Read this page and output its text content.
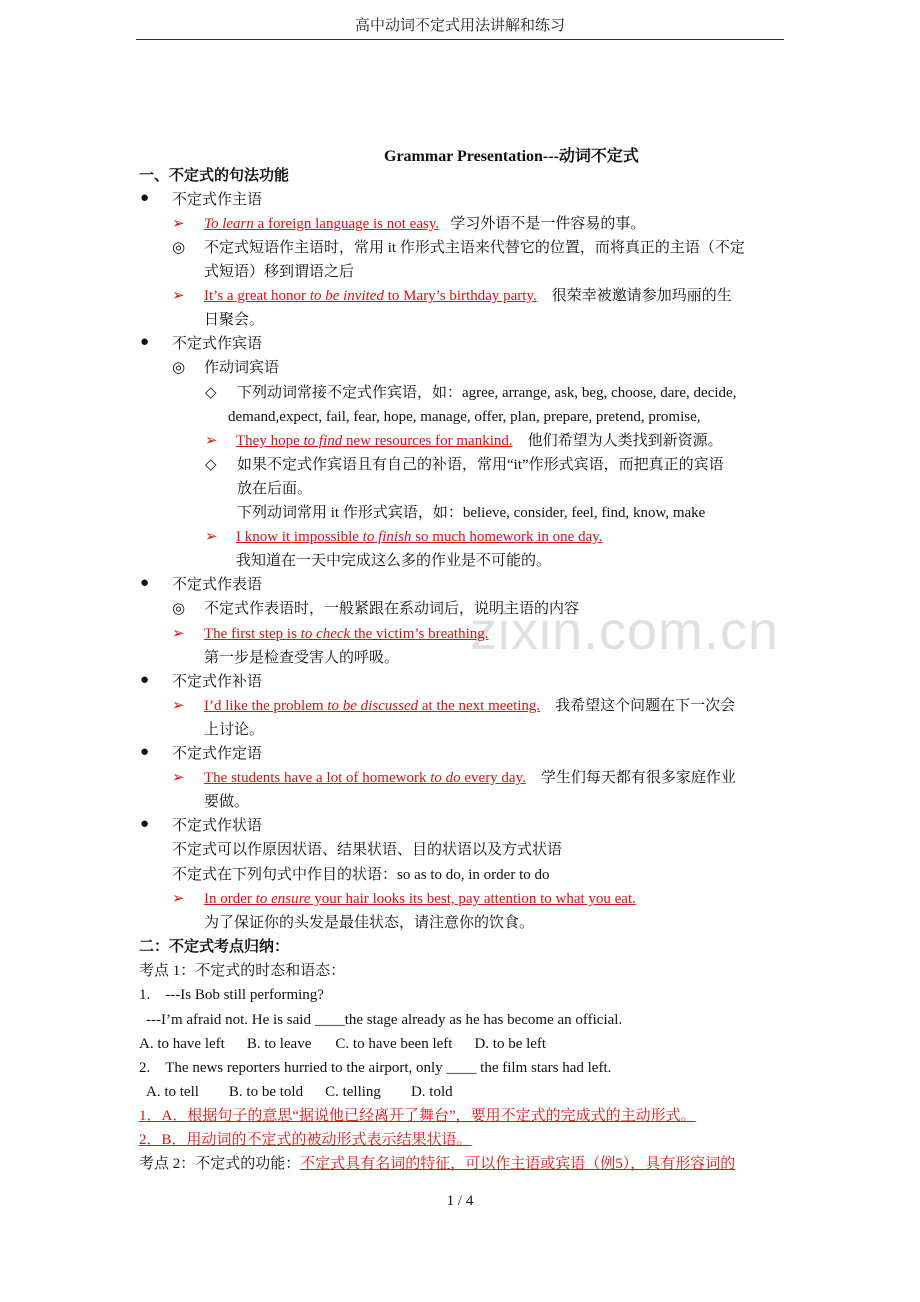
高中动词不定式用法讲解和练习
zixin.com.cn
Grammar Presentation---动词不定式
一、不定式的句法功能
● 不定式作主语
➢ To learn a foreign language is not easy. 学习外语不是一件容易的事。
◎ 不定式短语作主语时，常用 it 作形式主语来代替它的位置，而将真正的主语（不定
式短语）移到谓语之后
➢ It’s a great honor to be invited to Mary’s birthday party. 很荣幸被邀请参加玛丽的生
日聚会。
● 不定式作宾语
◎ 作动词宾语
◇ 下列动词常接不定式作宾语，如：agree, arrange, ask, beg, choose, dare, decide,
demand,expect, fail, fear, hope, manage, offer, plan, prepare, pretend, promise,
➢ They hope to find new resources for mankind. 他们希望为人类找到新资源。
◇ 如果不定式作宾语且有自己的补语，常用“it”作形式宾语，而把真正的宾语
放在后面。
下列动词常用 it 作形式宾语，如：believe, consider, feel, find, know, make
➢ I know it impossible to finish so much homework in one day.
我知道在一天中完成这么多的作业是不可能的。
● 不定式作表语
◎ 不定式作表语时，一般紧跟在系动词后，说明主语的内容
➢ The first step is to check the victim’s breathing.
第一步是检查受害人的呼吸。
● 不定式作补语
➢ I’d like the problem to be discussed at the next meeting. 我希望这个问题在下一次会
上讨论。
● 不定式作定语
➢ The students have a lot of homework to do every day. 学生们每天都有很多家庭作业
要做。
● 不定式作状语
不定式可以作原因状语、结果状语、目的状语以及方式状语
不定式在下列句式中作目的状语：so as to do, in order to do
➢ In order to ensure your hair looks its best, pay attention to what you eat.
为了保证你的头发是最佳状态，请注意你的饮食。
二：不定式考点归纳：
考点 1：不定式的时态和语态：
1. ---Is Bob still performing?
---I’m afraid not. He is said ____the stage already as he has become an official.
A. to have left B. to leave C. to have been left D. to be left
2. The news reporters hurried to the airport, only ____ the film stars had left.
A. to tell B. to be told C. telling D. told
1．A．根据句子的意思“据说他已经离开了舞台”，要用不定式的完成式的主动形式。
2．B．用动词的不定式的被动形式表示结果状语。
考点 2：不定式的功能：不定式具有名词的特征，可以作主语或宾语（例5），具有形容词的
1 / 4
